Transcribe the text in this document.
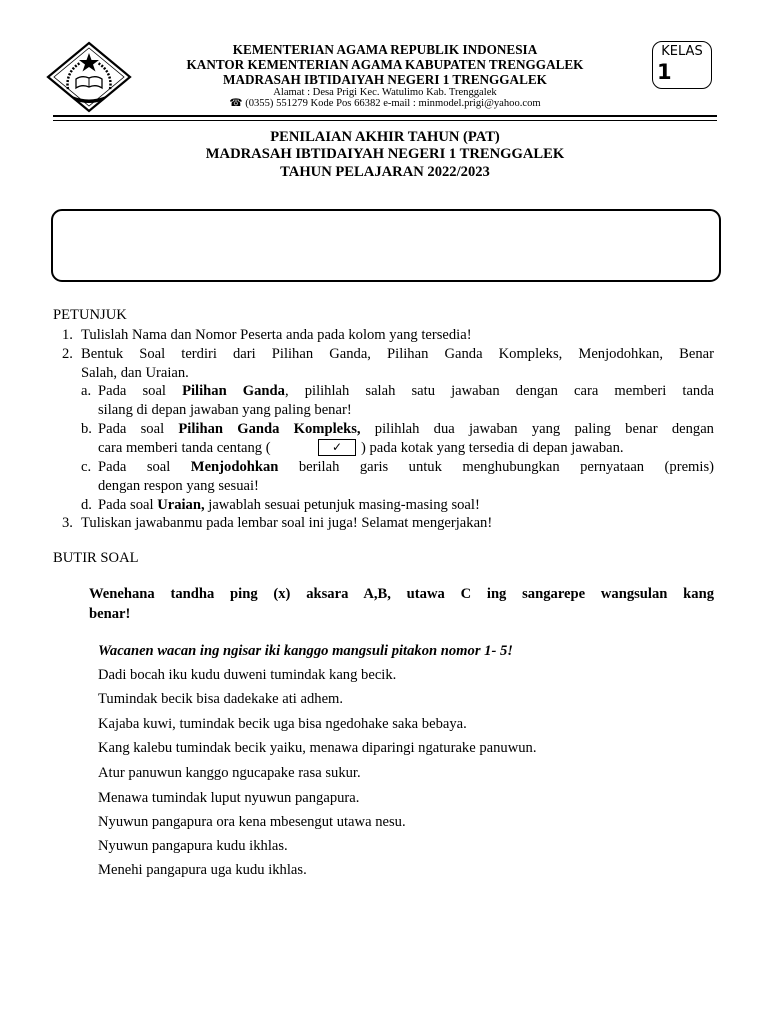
KEMENTERIAN AGAMA REPUBLIK INDONESIA
KANTOR KEMENTERIAN AGAMA KABUPATEN TRENGGALEK
MADRASAH IBTIDAIYAH NEGERI 1 TRENGGALEK
Alamat : Desa Prigi Kec. Watulimo Kab. Trenggalek
☎ (0355) 551279 Kode Pos 66382 e-mail : minmodel.prigi@yahoo.com
KELAS
1
PENILAIAN AKHIR TAHUN (PAT)
MADRASAH IBTIDAIYAH NEGERI 1 TRENGGALEK
TAHUN PELAJARAN 2022/2023
PETUNJUK
1. Tulislah Nama dan Nomor Peserta anda pada kolom yang tersedia!
2. Bentuk Soal terdiri dari Pilihan Ganda, Pilihan Ganda Kompleks, Menjodohkan, Benar
Salah, dan Uraian.
a. Pada soal Pilihan Ganda, pilihlah salah satu jawaban dengan cara memberi tanda
silang di depan jawaban yang paling benar!
b. Pada soal Pilihan Ganda Kompleks, pilihlah dua jawaban yang paling benar dengan
cara memberi tanda centang (	✓	) pada kotak yang tersedia di depan jawaban.
c. Pada soal Menjodohkan berilah garis untuk menghubungkan pernyataan (premis)
dengan respon yang sesuai!
d. Pada soal Uraian, jawablah sesuai petunjuk masing-masing soal!
3. Tuliskan jawabanmu pada lembar soal ini juga! Selamat mengerjakan!
BUTIR SOAL
Wenehana tandha ping (x) aksara A,B, utawa C ing sangarepe wangsulan kang
benar!
Wacanen wacan ing ngisar iki kanggo mangsuli pitakon nomor 1- 5!
Dadi bocah iku kudu duweni tumindak kang becik.
Tumindak becik bisa dadekake ati adhem.
Kajaba kuwi, tumindak becik uga bisa ngedohake saka bebaya.
Kang kalebu tumindak becik yaiku, menawa diparingi ngaturake panuwun.
Atur panuwun kanggo ngucapake rasa sukur.
Menawa tumindak luput nyuwun pangapura.
Nyuwun pangapura ora kena mbesengut utawa nesu.
Nyuwun pangapura kudu ikhlas.
Menehi pangapura uga kudu ikhlas.
